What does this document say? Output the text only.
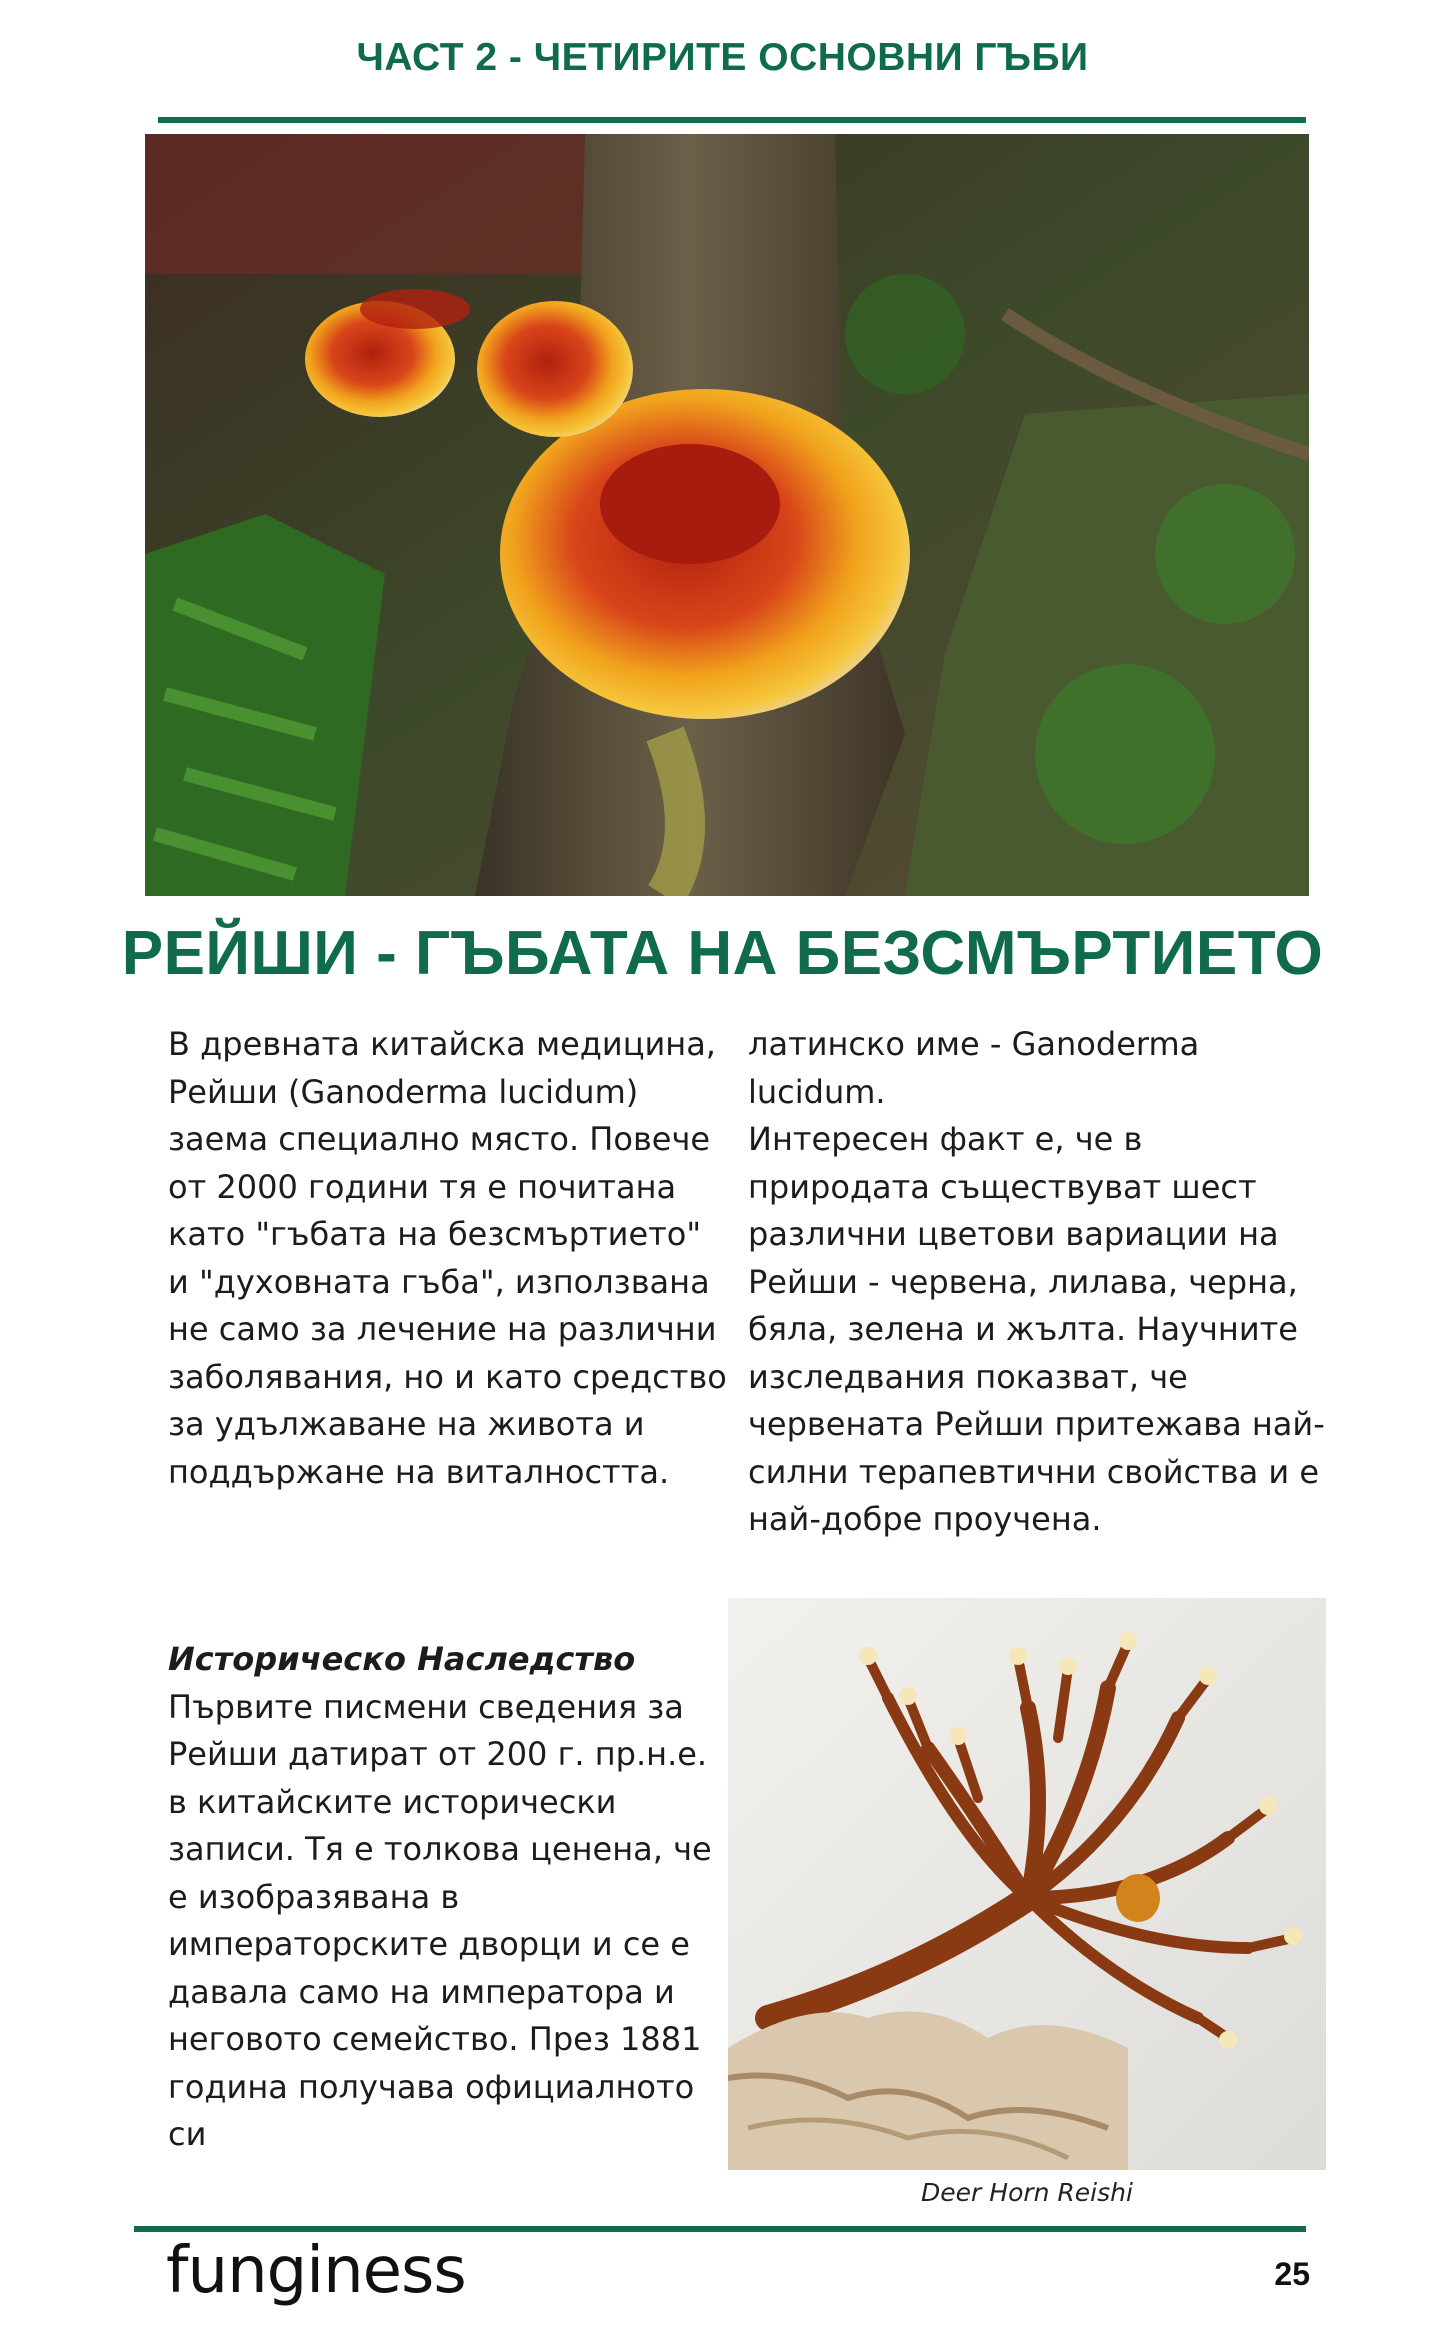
ЧАСТ 2 - ЧЕТИРИТЕ ОСНОВНИ ГЪБИ
РЕЙШИ - ГЪБАТА НА БЕЗСМЪРТИЕТО

В древната китайска медицина, Рейши (Ganoderma lucidum) заема специално място. Повече от 2000 години тя е почитана като "гъбата на безсмъртието" и "духовната гъба", използвана не само за лечение на различни заболявания, но и като средство за удължаване на живота и поддържане на виталността.

латинско име - Ganoderma lucidum.

Интересен факт е, че в природата съществуват шест различни цветови вариации на Рейши - червена, лилава, черна, бяла, зелена и жълта. Научните изследвания показват, че червената Рейши притежава най-силни терапевтични свойства и е най-добре проучена.

Историческо Наследство

Първите писмени сведения за Рейши датират от 200 г. пр.н.е. в китайските исторически записи. Тя е толкова ценена, че е изобразявана в императорските дворци и се е давала само на императора и неговото семейство. През 1881 година получава официалното си

Deer Horn Reishi
funginess	25
